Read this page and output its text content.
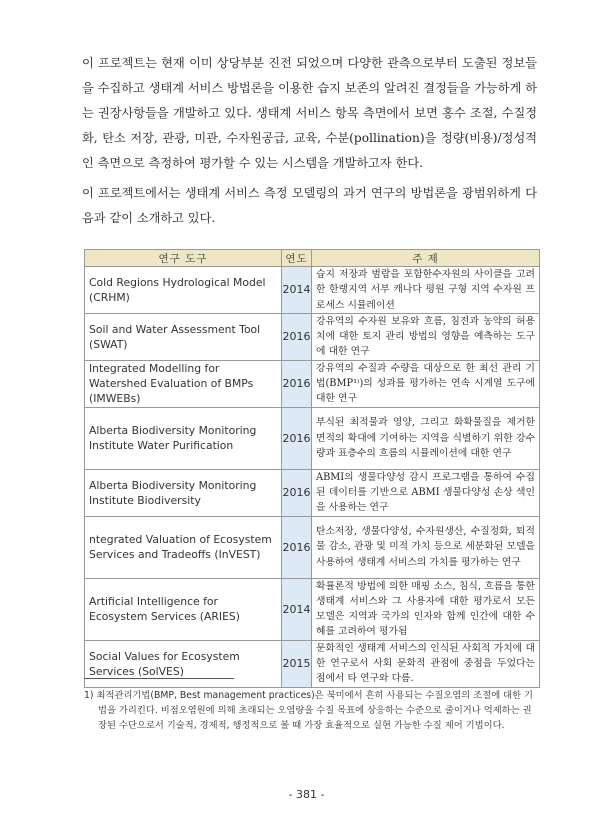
이 프로젝트는 현재 이미 상당부분 진전 되었으며 다양한 관측으로부터 도출된 정보들을 수집하고 생태계 서비스 방법론을 이용한 습지 보존의 알려진 결정들을 가능하게 하는 권장사항들을 개발하고 있다. 생태계 서비스 항목 측면에서 보면 홍수 조절, 수질정화, 탄소 저장, 관광, 미관, 수자원공급, 교육, 수분(pollination)을 정량(비용)/정성적인 측면으로 측정하여 평가할 수 있는 시스템을 개발하고자 한다.

이 프로젝트에서는 생태계 서비스 측정 모델링의 과거 연구의 방법론을 광범위하게 다음과 같이 소개하고 있다.

연구 도구	연도	주 제
Cold Regions Hydrological Model (CRHM)	2014	습지 저장과 범람을 포함한수자원의 사이클을 고려한 한랭지역 서부 캐나다 평원 구형 지역 수자원 프로세스 시뮬레이션
Soil and Water Assessment Tool (SWAT)	2016	강유역의 수자원 보유와 흐름, 침전과 농약의 허용치에 대한 토지 관리 방법의 영향을 예측하는 도구에 대한 연구
Integrated Modelling for Watershed Evaluation of BMPs (IMWEBs)	2016	강유역의 수질과 수량을 대상으로 한 최선 관리 기법(BMP¹⁾)의 성과를 평가하는 연속 시계열 도구에 대한 연구
Alberta Biodiversity Monitoring Institute Water Purification	2016	부식된 최적물과 영양, 그리고 화확물질을 제거한 면적의 확대에 기여하는 지역을 식별하기 위한 강수량과 표층수의 흐름의 시뮬레이션에 대한 연구
Alberta Biodiversity Monitoring Institute Biodiversity	2016	ABMI의 생물다양성 감시 프로그램을 통하여 수집된 데이터를 기반으로 ABMI 생물다양성 손상 색인을 사용하는 연구
ntegrated Valuation of Ecosystem Services and Tradeoffs (InVEST)	2016	탄소저장, 생물다양성, 수자원생산, 수질정화, 퇴적물 감소, 관광 및 미적 가치 등으로 세분화된 모델을 사용하여 생태계 서비스의 가치를 평가하는 연구
Artificial Intelligence for Ecosystem Services (ARIES)	2014	확률론적 방법에 의한 매핑 소스, 침식, 흐름을 통한 생태계 서비스와 그 사용자에 대한 평가로서 모든 모델은 지역과 국가의 인자와 함께 인간에 대한 수혜를 고려하여 평가됨
Social Values for Ecosystem Services (SolVES)	2015	문화적인 생태계 서비스의 인식된 사회적 가치에 대한 연구로서 사회 문화적 관점에 중점을 두었다는 점에서 타 연구와 다름.

1) 최적관리기법(BMP, Best management practices)은 북미에서 흔히 사용되는 수질오염의 조절에 대한 기법을 가리킨다. 비점오염원에 의해 초래되는 오염량을 수질 목표에 상응하는 수준으로 줄이거나 억제하는 권장된 수단으로서 기술적, 경제적, 행정적으로 볼 때 가장 효율적으로 실현 가능한 수질 제어 기법이다.

- 381 -
